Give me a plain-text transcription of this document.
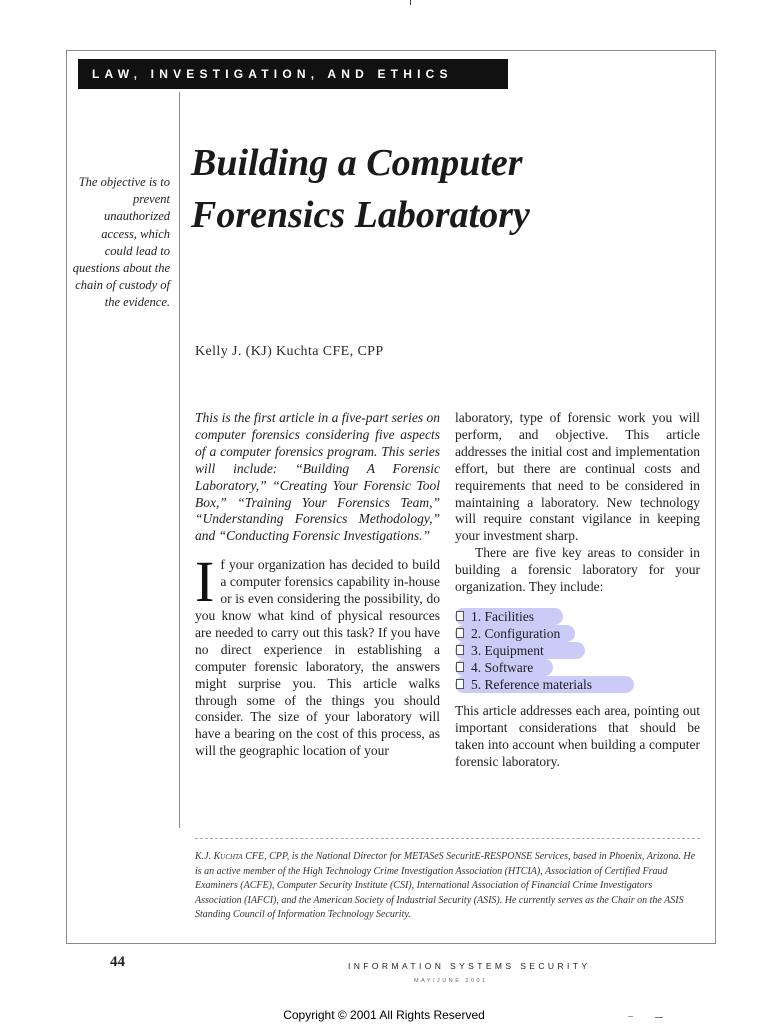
LAW, INVESTIGATION, AND ETHICS
The objective is to prevent unauthorized access, which could lead to questions about the chain of custody of the evidence.
Building a Computer
Forensics Laboratory
Kelly J. (KJ) Kuchta CFE, CPP

This is the first article in a five-part series on computer forensics considering five aspects of a computer forensics program. This series will include: “Building A Forensic Laboratory,” “Creating Your Forensic Tool Box,” “Training Your Forensics Team,” “Understanding Forensics Methodology,” and “Conducting Forensic Investigations.”

If your organization has decided to build a computer forensics capability in-house or is even considering the possibility, do you know what kind of physical resources are needed to carry out this task? If you have no direct experience in establishing a computer forensic laboratory, the answers might surprise you. This article walks through some of the things you should consider. The size of your laboratory will have a bearing on the cost of this process, as will the geographic location of your

laboratory, type of forensic work you will perform, and objective. This article addresses the initial cost and implementation effort, but there are continual costs and requirements that need to be considered in maintaining a laboratory. New technology will require constant vigilance in keeping your investment sharp.

There are five key areas to consider in building a forensic laboratory for your organization. They include:

1. Facilities
2. Configuration
3. Equipment
4. Software
5. Reference materials

This article addresses each area, pointing out important considerations that should be taken into account when building a computer forensic laboratory.

K.J. Kuchta CFE, CPP, is the National Director for METASeS SecuritE-RESPONSE Services, based in Phoenix, Arizona. He is an active member of the High Technology Crime Investigation Association (HTCIA), Association of Certified Fraud Examiners (ACFE), Computer Security Institute (CSI), International Association of Financial Crime Investigators Association (IAFCI), and the American Society of Industrial Security (ASIS). He currently serves as the Chair on the ASIS Standing Council of Information Technology Security.
44	INFORMATION SYSTEMS SECURITY
MAY/JUNE 2001
Copyright © 2001 All Rights Reserved
